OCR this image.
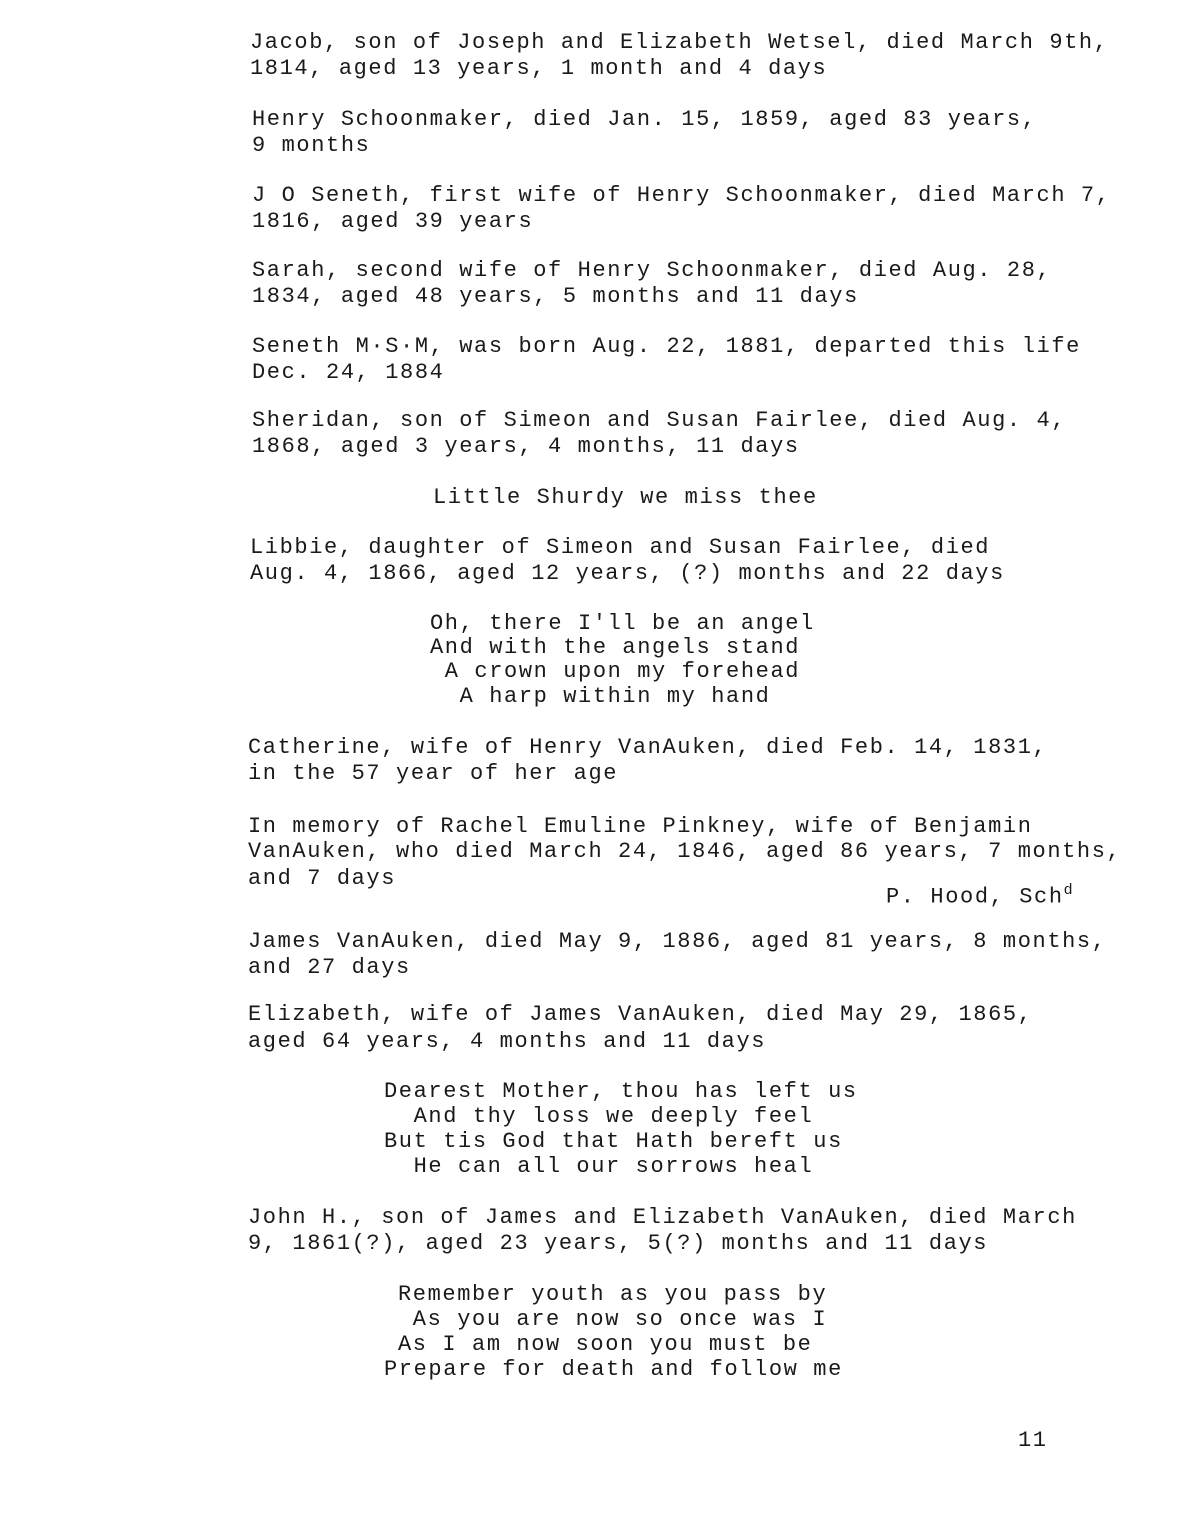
Jacob, son of Joseph and Elizabeth Wetsel, died March 9th,
1814, aged 13 years, 1 month and 4 days
Henry Schoonmaker, died Jan. 15, 1859, aged 83 years,
9 months
J O Seneth, first wife of Henry Schoonmaker, died March 7,
1816, aged 39 years
Sarah, second wife of Henry Schoonmaker, died Aug. 28,
1834, aged 48 years, 5 months and 11 days
Seneth M·S·M, was born Aug. 22, 1881, departed this life
Dec. 24, 1884
Sheridan, son of Simeon and Susan Fairlee, died Aug. 4,
1868, aged 3 years, 4 months, 11 days
Little Shurdy we miss thee
Libbie, daughter of Simeon and Susan Fairlee, died
Aug. 4, 1866, aged 12 years, (?) months and 22 days
Oh, there I'll be an angel
And with the angels stand
A crown upon my forehead
A harp within my hand
Catherine, wife of Henry VanAuken, died Feb. 14, 1831,
in the 57 year of her age
In memory of Rachel Emuline Pinkney, wife of Benjamin
VanAuken, who died March 24, 1846, aged 86 years, 7 months,
and 7 days
P. Hood, Sch$^d$
James VanAuken, died May 9, 1886, aged 81 years, 8 months,
and 27 days
Elizabeth, wife of James VanAuken, died May 29, 1865,
aged 64 years, 4 months and 11 days
Dearest Mother, thou has left us
And thy loss we deeply feel
But tis God that Hath bereft us
He can all our sorrows heal
John H., son of James and Elizabeth VanAuken, died March
9, 1861(?), aged 23 years, 5(?) months and 11 days
Remember youth as you pass by
As you are now so once was I
As I am now soon you must be
Prepare for death and follow me
11
